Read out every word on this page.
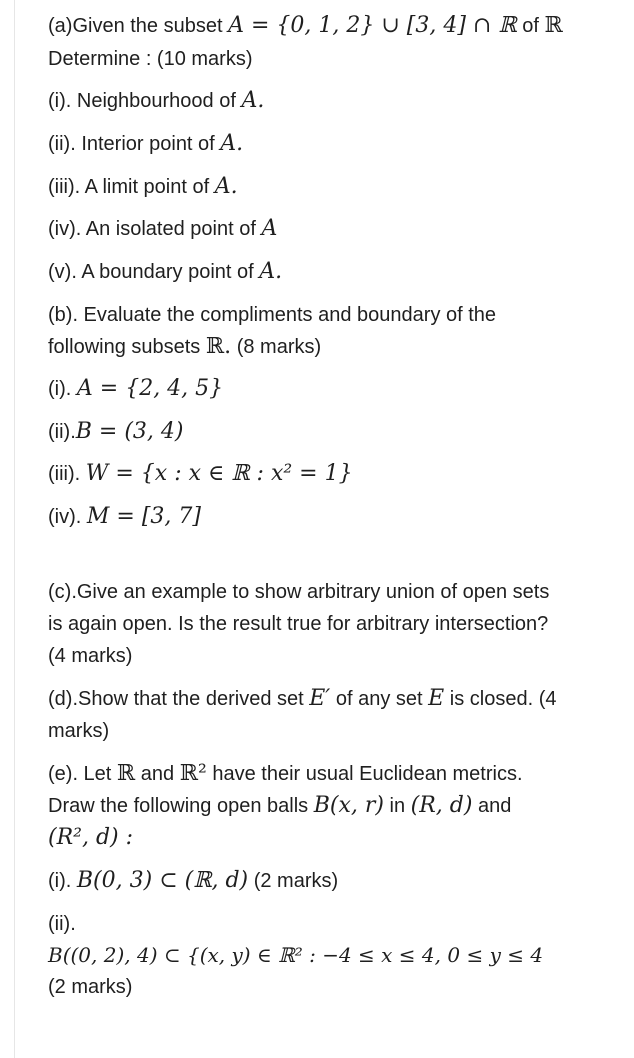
(a)Given the subset A = {0, 1, 2} ∪ [3, 4] ∩ ℝ of ℝ
Determine : (10 marks)
(i). Neighbourhood of A.
(ii). Interior point of A.
(iii). A limit point of A.
(iv). An isolated point of A
(v). A boundary point of A.
(b). Evaluate the compliments and boundary of the
following subsets ℝ. (8 marks)
(i). A = {2, 4, 5}
(ii).B = (3, 4)
(iii). W = {x : x ∈ ℝ : x² = 1}
(iv). M = [3, 7]
(c).Give an example to show arbitrary union of open sets
is again open. Is the result true for arbitrary intersection?
(4 marks)
(d).Show that the derived set E′ of any set E is closed. (4
marks)
(e). Let ℝ and ℝ² have their usual Euclidean metrics.
Draw the following open balls B(x, r) in (R, d) and
(R², d) :
(i). B(0, 3) ⊂ (ℝ, d) (2 marks)
(ii).
B((0, 2), 4) ⊂ {(x, y) ∈ ℝ² : −4 ≤ x ≤ 4, 0 ≤ y ≤ 4
(2 marks)
